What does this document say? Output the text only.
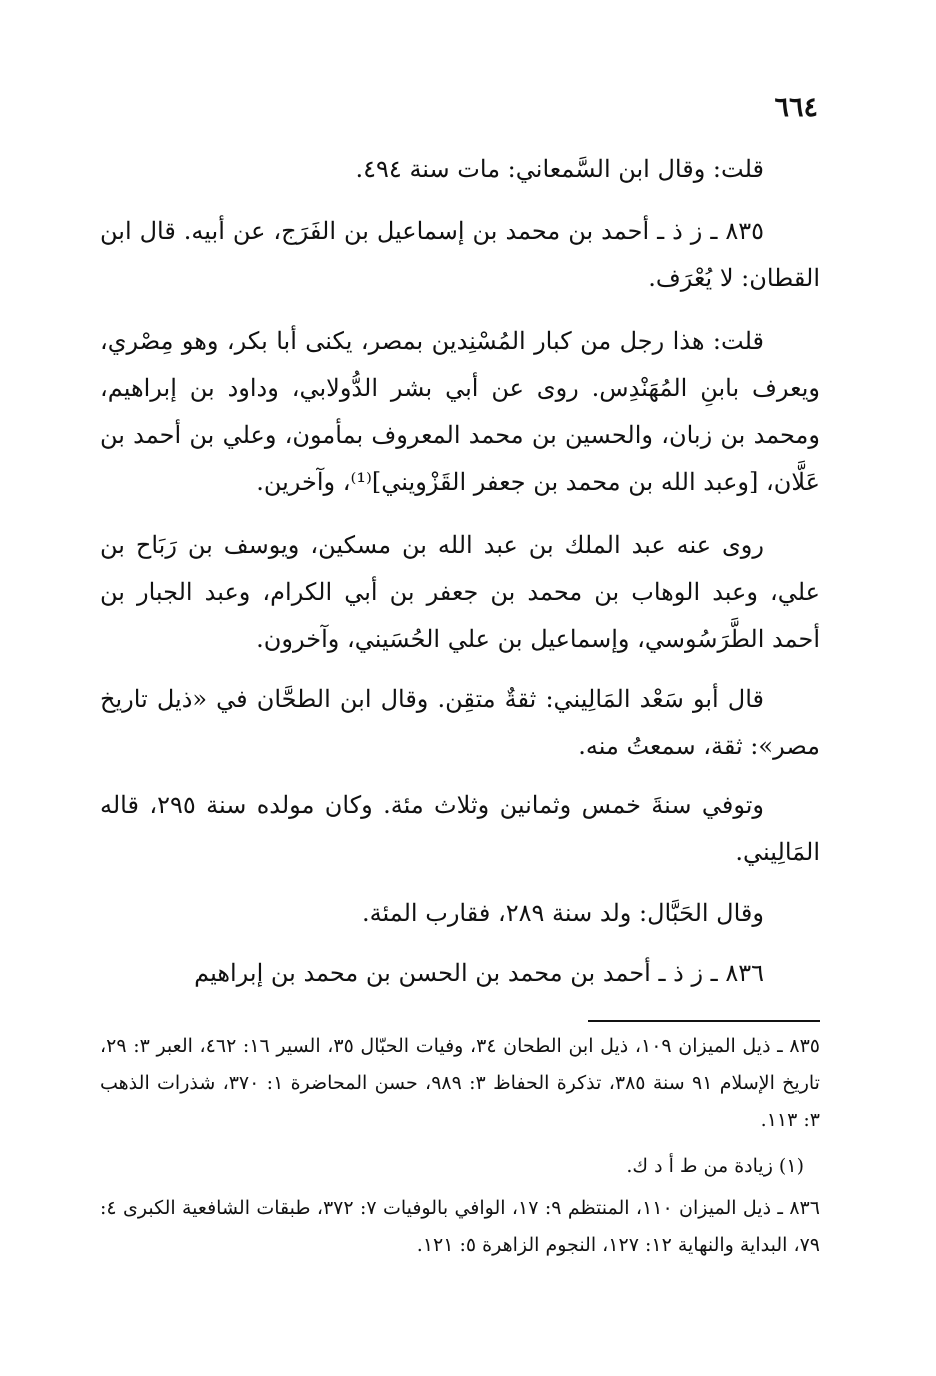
٦٦٤

قلت: وقال ابن السَّمعاني: مات سنة ٤٩٤.

٨٣٥ ـ ز ذ ـ أحمد بن محمد بن إسماعيل بن الفَرَج، عن أبيه. قال ابن القطان: لا يُعْرَف.

قلت: هذا رجل من كبار المُسْنِدين بمصر، يكنى أبا بكر، وهو مِصْري، ويعرف بابنِ المُهَنْدِس. روى عن أبي بشر الدُّولابي، وداود بن إبراهيم، ومحمد بن زبان، والحسين بن محمد المعروف بمأمون، وعلي بن أحمد بن عَلَّان، [وعبد الله بن محمد بن جعفر القَزْويني]⁽¹⁾، وآخرين.

روى عنه عبد الملك بن عبد الله بن مسكين، ويوسف بن رَبَاح بن علي، وعبد الوهاب بن محمد بن جعفر بن أبي الكرام، وعبد الجبار بن أحمد الطَّرَسُوسي، وإسماعيل بن علي الحُسَيني، وآخرون.

قال أبو سَعْد المَالِيني: ثقةٌ متقِن. وقال ابن الطحَّان في «ذيل تاريخ مصر»: ثقة، سمعتُ منه.

وتوفي سنةَ خمس وثمانين وثلاث مئة. وكان مولده سنة ٢٩٥، قاله المَالِيني.

وقال الحَبَّال: ولد سنة ٢٨٩، فقارب المئة.

٨٣٦ ـ ز ذ ـ أحمد بن محمد بن الحسن بن محمد بن إبراهيم

٨٣٥ ـ ذيل الميزان ١٠٩، ذيل ابن الطحان ٣٤، وفيات الحبّال ٣٥، السير ١٦: ٤٦٢، العبر ٣: ٢٩، تاريخ الإسلام ٩١ سنة ٣٨٥، تذكرة الحفاظ ٣: ٩٨٩، حسن المحاضرة ١: ٣٧٠، شذرات الذهب ٣: ١١٣.

(١) زيادة من ط أ د ك.

٨٣٦ ـ ذيل الميزان ١١٠، المنتظم ٩: ١٧، الوافي بالوفيات ٧: ٣٧٢، طبقات الشافعية الكبرى ٤: ٧٩، البداية والنهاية ١٢: ١٢٧، النجوم الزاهرة ٥: ١٢١.
